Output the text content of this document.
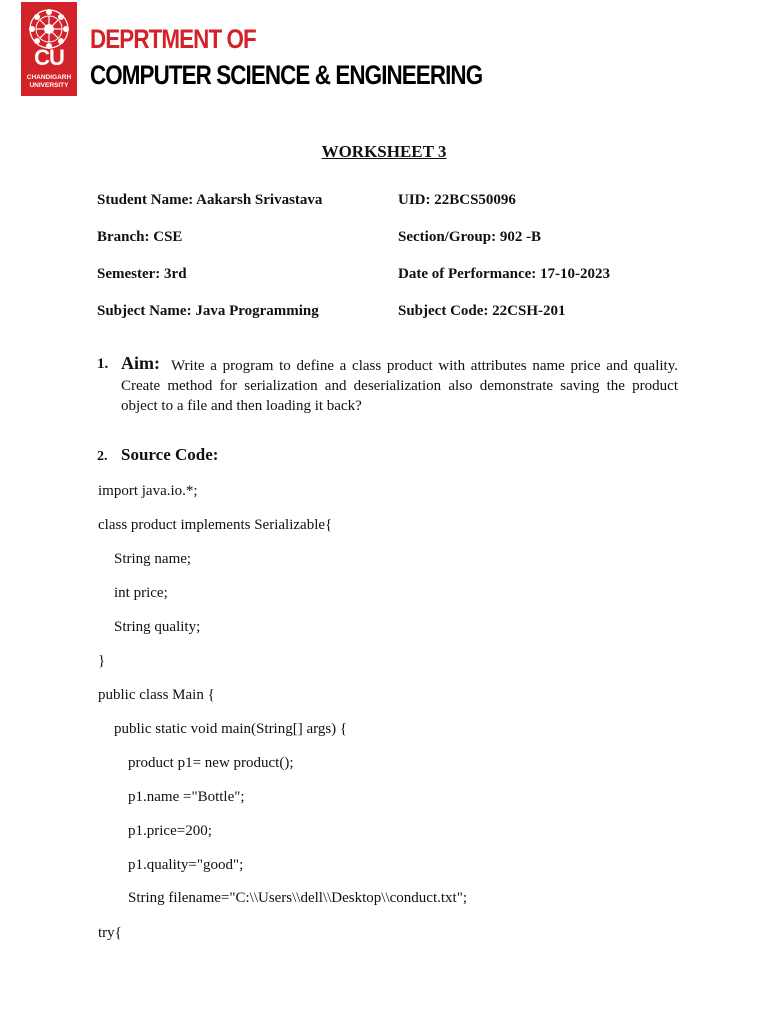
CU
CHANDIGARH
UNIVERSITY
DEPRTMENT OF
COMPUTER SCIENCE & ENGINEERING
WORKSHEET 3
Student Name: Aakarsh Srivastava	UID: 22BCS50096
Branch: CSE	Section/Group: 902 -B
Semester: 3rd	Date of Performance: 17-10-2023
Subject Name: Java Programming	Subject Code: 22CSH-201
1. Aim: Write a program to define a class product with attributes name price and quality. Create method for serialization and deserialization also demonstrate saving the product object to a file and then loading it back?
2. Source Code:
import java.io.*;
class product implements Serializable{
String name;
int price;
String quality;
}
public class Main {
public static void main(String[] args) {
product p1= new product();
p1.name ="Bottle";
p1.price=200;
p1.quality="good";
String filename="C:\\Users\\dell\\Desktop\\conduct.txt";
try{
